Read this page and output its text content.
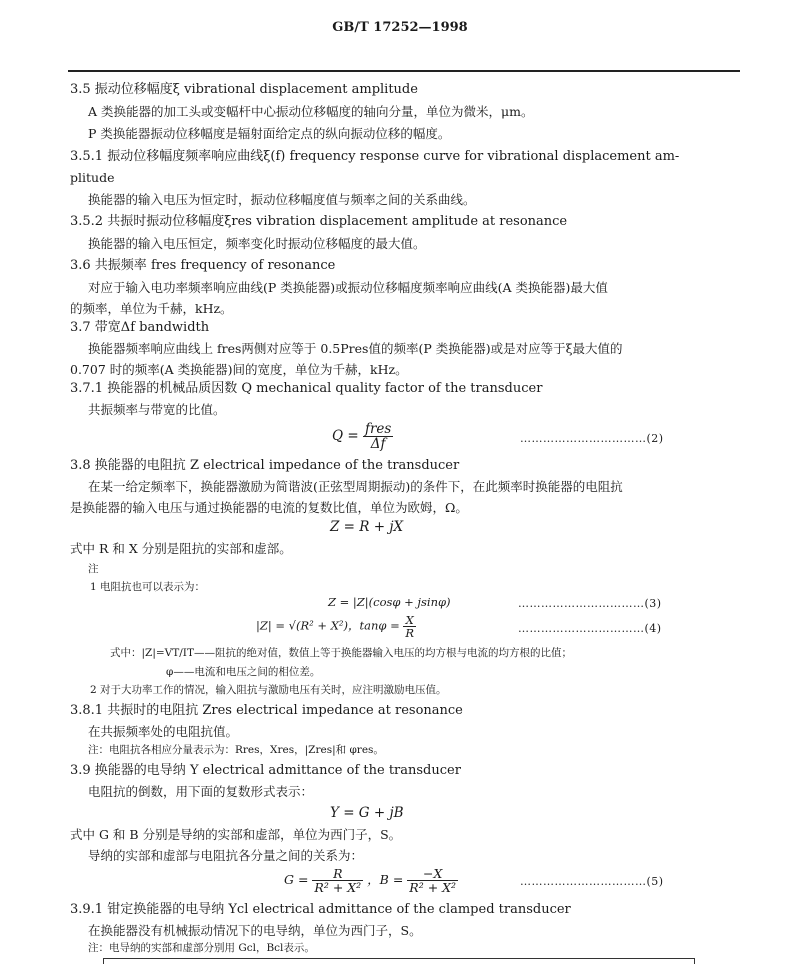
GB/T 17252—1998
3.5 振动位移幅度ξ vibrational displacement amplitude
A 类换能器的加工头或变幅杆中心振动位移幅度的轴向分量，单位为微米，μm。
P 类换能器振动位移幅度是辐射面给定点的纵向振动位移的幅度。
3.5.1 振动位移幅度频率响应曲线ξ(f) frequency response curve for vibrational displacement am-
plitude
换能器的输入电压为恒定时，振动位移幅度值与频率之间的关系曲线。
3.5.2 共振时振动位移幅度ξres vibration displacement amplitude at resonance
换能器的输入电压恒定，频率变化时振动位移幅度的最大值。
3.6 共振频率 fres frequency of resonance
对应于输入电功率频率响应曲线(P 类换能器)或振动位移幅度频率响应曲线(A 类换能器)最大值
的频率，单位为千赫，kHz。
3.7 带宽Δf bandwidth
换能器频率响应曲线上 fres两侧对应等于 0.5Pres值的频率(P 类换能器)或是对应等于ξ最大值的
0.707 时的频率(A 类换能器)间的宽度，单位为千赫，kHz。
3.7.1 换能器的机械品质因数 Q mechanical quality factor of the transducer
共振频率与带宽的比值。
$Q = \frac{\text{fres}}{\Delta f}$	……………………………(2)
3.8 换能器的电阻抗 Z electrical impedance of the transducer
在某一给定频率下，换能器激励为简谐波(正弦型周期振动)的条件下，在此频率时换能器的电阻抗
是换能器的输入电压与通过换能器的电流的复数比值，单位为欧姆，Ω。
Z = R + jX
式中 R 和 X 分别是阻抗的实部和虚部。
注
1 电阻抗也可以表示为：
Z = |Z|(cosφ + jsinφ)	……………………………(3)
|Z| = √(R² + X²)，$\tan\varphi = \frac{X}{R}$	……………………………(4)
式中：|Z|=VT/IT——阻抗的绝对值，数值上等于换能器输入电压的均方根与电流的均方根的比值；
φ——电流和电压之间的相位差。
2 对于大功率工作的情况，输入阻抗与激励电压有关时，应注明激励电压值。
3.8.1 共振时的电阻抗 Zres electrical impedance at resonance
在共振频率处的电阻抗值。
注：电阻抗各相应分量表示为：Rres，Xres，|Zres|和 φres。
3.9 换能器的电导纳 Y electrical admittance of the transducer
电阻抗的倒数，用下面的复数形式表示：
Y = G + jB
式中 G 和 B 分别是导纳的实部和虚部，单位为西门子，S。
导纳的实部和虚部与电阻抗各分量之间的关系为：
$G = \frac{R}{\text{R² + X²}}$ ，$B = \frac{-X}{\text{R² + X²}}$	……………………………(5)
3.9.1 钳定换能器的电导纳 Ycl electrical admittance of the clamped transducer
在换能器没有机械振动情况下的电导纳，单位为西门子，S。
注：电导纳的实部和虚部分别用 Gcl，Bcl表示。
